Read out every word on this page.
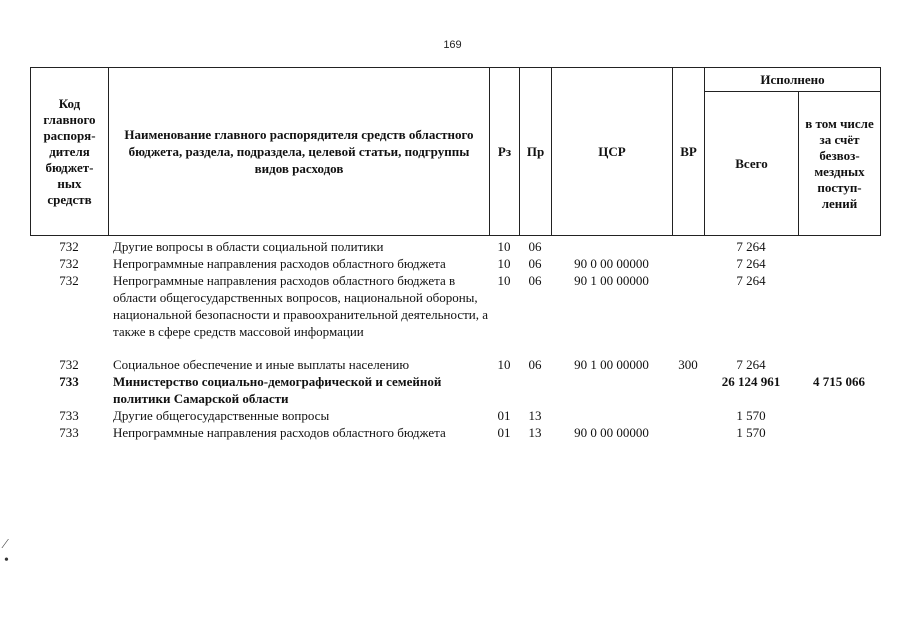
169
Код главного распоря-дителя бюджет-ных средств	Наименование главного распорядителя средств областного бюджета, раздела, подраздела, целевой статьи, подгруппы видов расходов	Рз	Пр	ЦСР	ВР	Исполнено	
						Всего	в том числе за счёт безвоз-мездных поступ-лений
732	Другие вопросы в области социальной политики	10	06			7 264	
732	Непрограммные направления расходов областного бюджета	10	06	90 0 00 00000		7 264	
732	Непрограммные направления расходов областного бюджета в области общегосударственных вопросов, национальной обороны, национальной безопасности и правоохранительной деятельности, а также в сфере средств массовой информации	10	06	90 1 00 00000		7 264	
732	Социальное обеспечение и иные выплаты населению	10	06	90 1 00 00000	300	7 264	
733	Министерство социально-демографической и семейной политики Самарской области					26 124 961	4 715 066
733	Другие общегосударственные вопросы	01	13			1 570	
733	Непрограммные направления расходов областного бюджета	01	13	90 0 00 00000		1 570	
⁄
•
